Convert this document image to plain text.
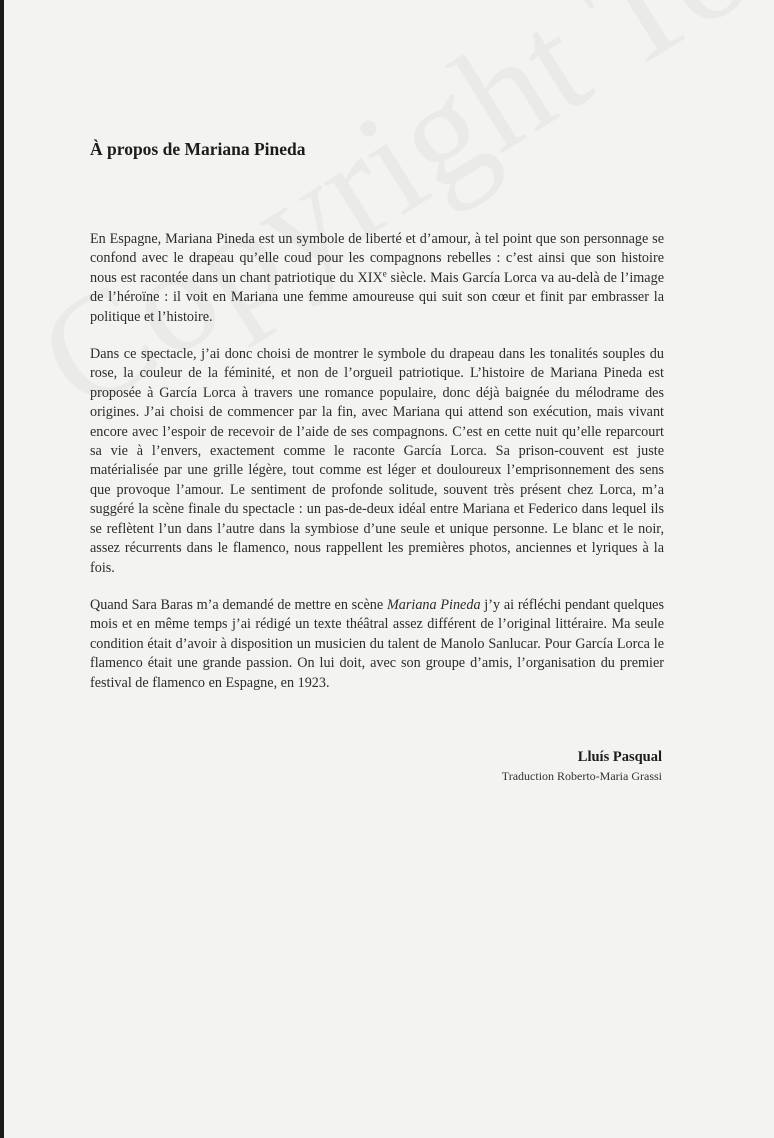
À propos de Mariana Pineda

En Espagne, Mariana Pineda est un symbole de liberté et d’amour, à tel point que son personnage se confond avec le drapeau qu’elle coud pour les compagnons rebelles : c’est ainsi que son histoire nous est racontée dans un chant patriotique du XIXe siècle. Mais García Lorca va au-delà de l’image de l’héroïne : il voit en Mariana une femme amoureuse qui suit son cœur et finit par embrasser la politique et l’histoire.

Dans ce spectacle, j’ai donc choisi de montrer le symbole du drapeau dans les tonalités souples du rose, la couleur de la féminité, et non de l’orgueil patriotique. L’histoire de Mariana Pineda est proposée à García Lorca à travers une romance populaire, donc déjà baignée du mélodrame des origines. J’ai choisi de commencer par la fin, avec Mariana qui attend son exécution, mais vivant encore avec l’espoir de recevoir de l’aide de ses compagnons. C’est en cette nuit qu’elle reparcourt sa vie à l’envers, exactement comme le raconte García Lorca. Sa prison-couvent est juste matérialisée par une grille légère, tout comme est léger et douloureux l’emprisonnement des sens que provoque l’amour. Le sentiment de profonde solitude, souvent très présent chez Lorca, m’a suggéré la scène finale du spectacle : un pas-de-deux idéal entre Mariana et Federico dans lequel ils se reflètent l’un dans l’autre dans la symbiose d’une seule et unique personne. Le blanc et le noir, assez récurrents dans le flamenco, nous rappellent les premières photos, anciennes et lyriques à la fois.

Quand Sara Baras m’a demandé de mettre en scène Mariana Pineda j’y ai réfléchi pendant quelques mois et en même temps j’ai rédigé un texte théâtral assez différent de l’original littéraire. Ma seule condition était d’avoir à disposition un musicien du talent de Manolo Sanlucar. Pour García Lorca le flamenco était une grande passion. On lui doit, avec son groupe d’amis, l’organisation du premier festival de flamenco en Espagne, en 1923.

Lluís Pasqual

Traduction Roberto-Maria Grassi
